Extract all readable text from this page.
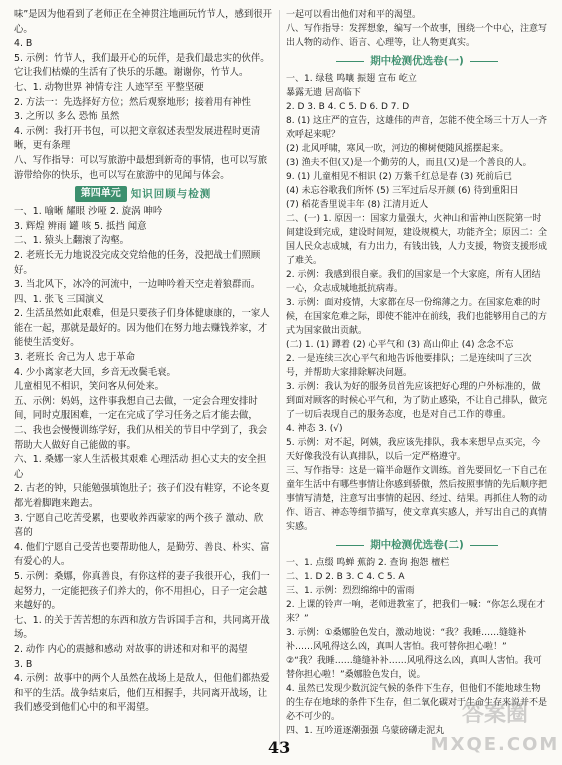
味”是因为他看到了老师正在全神贯注地画玩竹节人，感到很开心。
4. B
5. 示例：竹节人，我们最开心的玩伴，是我们最忠实的伙伴。它让我们枯燥的生活有了快乐的乐趣。谢谢你，竹节人。
七、1. 动物世界 神情专注 人迹罕至 平整坚硬
2. 方法一：先选择好方位；然后观察地形；接着用有神性
3. 之所以 多么 恐怖 虽然
4. 示例：我打开书包，可以把文章叙述表型发展进程时更清晰，更有条理
八、写作指导：可以写旅游中最想到新奇的事情，也可以写旅游带给你的快乐，也可以写在旅游中的见闻与体会。
第四单元 知识回顾与检测
一、1. 喻晰 耀眼 沙哑 2. 旋涡 呻吟
3. 辉煌 辨雨 罐 咳 5. 抵挡 闻意
二、1. 猿头上翻滚了沟壑。
2. 老班长无力地说没完成交党给他的任务，没把战士们照顾好。
3. 当北风下，冰冷的河流中，一边呻吟着天空走着狼群而。
四、1. 张飞 三国演义
2. 生活虽然如此艰难，但是只要孩子们身体健康康的，一家人能在一起，那就是最好的。因为他们在努力地去赚钱养家，才能使生活变好。
3. 老班长 舍己为人 忠于革命
4. 少小离家老大回，乡音无改鬓毛衰。
儿童相见不相识，笑问客从何处来。
五、示例：妈妈，这件事我想自己去做，一定会合理安排时间，同时克服困难，一定在完成了学习任务之后才能去做，二、我也会慢慢训练学好，我们从相关的节目中学到了，我会帮助大人做好自己能做的事。
六、1. 桑娜一家人生活极其艰难 心理活动 担心丈夫的安全担心
2. 古老的钟，只能勉强填饱肚子；孩子们没有鞋穿，不论冬夏都光着脚跑来跑去。
3. 宁愿自己吃苦受累，也要收养西蒙家的两个孩子 激动、欣喜的
4. 他们宁愿自己受苦也要帮助他人，是勤劳、善良、朴实、富有爱心的人。
5. 示例：桑娜，你真善良，有你这样的妻子我很开心，我们一起努力，一定能把孩子们养大的，你不用担心，日子一定会越来越好的。
七、1. 的关于苦苦想的东西和放方告诉国手言和，共同离开战场。
2. 动作 内心的震撼和感动 对故事的讲述和对和平的渴望
3. B
4. 示例：故事中的两个人虽然在战场上是敌人，但他们都热爱和平的生活。战争结束后，他们互相握手，共同离开战场，让我们感受到他们心中的和平渴望。
一起可以看出他们对和平的渴望。
八、写作指导：发挥想象，编写一个故事，围绕一个中心，注意写出人物的动作、语言、心理等，让人物更真实。
期中检测优选卷(一)
一、1. 绿毯 鸣嚷 振翅 宣布 屹立
暴露无遗 居高临下
2. D 3. B 4. C 5. D 6. D 7. D
8. (1) 这庄严的宣告，这雄伟的声音，怎能不使全场三十万人一齐欢呼起来呢？
(2) 北风呼啸，寒风一吹，河边的柳树便随风摇摆起来。
(3) 渔夫不但(又)是一个勤劳的人，而且(又)是一个善良的人。
9. (1) 儿童相见不相识 (2) 万紫千红总是春 (3) 死前后已
(4) 未忘谷歌我们所怀 (5) 三军过后尽开颜 (6) 待到重阳日
(7) 稻花香里说丰年 (8) 江清月近人
二、(一) 1. 原因一：国家力量强大，火神山和雷神山医院第一时间建设到完成，建设时间短，建设规模大，功能齐全；原因二：全国人民众志成城，有力出力，有钱出钱，人力支援，物资支援形成了难关。
2. 示例：我感到很自豪。我们的国家是一个大家庭，所有人团结一心，众志成城地抵抗病毒。
3. 示例：面对疫情，大家都在尽一份绵薄之力。在国家危难的时候，在国家危难之际，即使不能冲在前线，我们也能够用自己的方式为国家做出贡献。
(二) 1. (1) 蹲着 (2) 心平气和 (3) 高山仰止 (4) 念念不忘
2. 一是连续三次心平气和地告诉他要排队；二是连续叫了三次号，并帮助大家排除解决问题。
3. 示例：我认为好的服务员首先应该把好心理的户外标准的，做到面对顾客的时候心平气和，为了防止感染，不让自己排队，做完了一切后表现自己的服务态度，也是对自己工作的尊重。
4. 神态 3. (√)
5. 示例：对不起，阿姨，我应该先排队，我本来想早点买完，今天好像我没有认真排队，以后一定严格遵守。
三、写作指导：这是一篇半命题作文训练。首先要回忆一下自己在童年生活中有哪些事情让你感到骄傲，然后按照事情的先后顺序把事情写清楚，注意写出事情的起因、经过、结果。再抓住人物的动作、语言、神态等细节描写，使文章真实感人，并写出自己的真情实感。
期中检测优选卷(二)
一、1. 点缀 鸣蝉 蕉韵 2. 查询 抱怨 檀栏
二、1. D 2. B 3. C 4. C 5. A
三、1. 示例：烈烈绵绵中的雷雨
2. 上课的铃声一响，老师进教室了，把我们一喊：“你怎么现在才来？”
3. 示例：①桑娜脸色发白，激动地说：“我？我睡……缝缝补补……风吼得这么凶，真叫人害怕。我可替你担心啦！”
②“我？我睡……缝缝补补……风吼得这么凶，真叫人害怕。我可替你担心啦！”桑娜脸色发白，说。
4. 虽然已发现少数沉淀气候的条件下生存，但他们不能地球生物的生存在地球的条件下生存，但二氧化碳对于生命生存来说并不是必不可少的。
四、1. 互吟道逐潮强强 乌蒙磅礴走泥丸
43
答案圈
MXQE.COM
